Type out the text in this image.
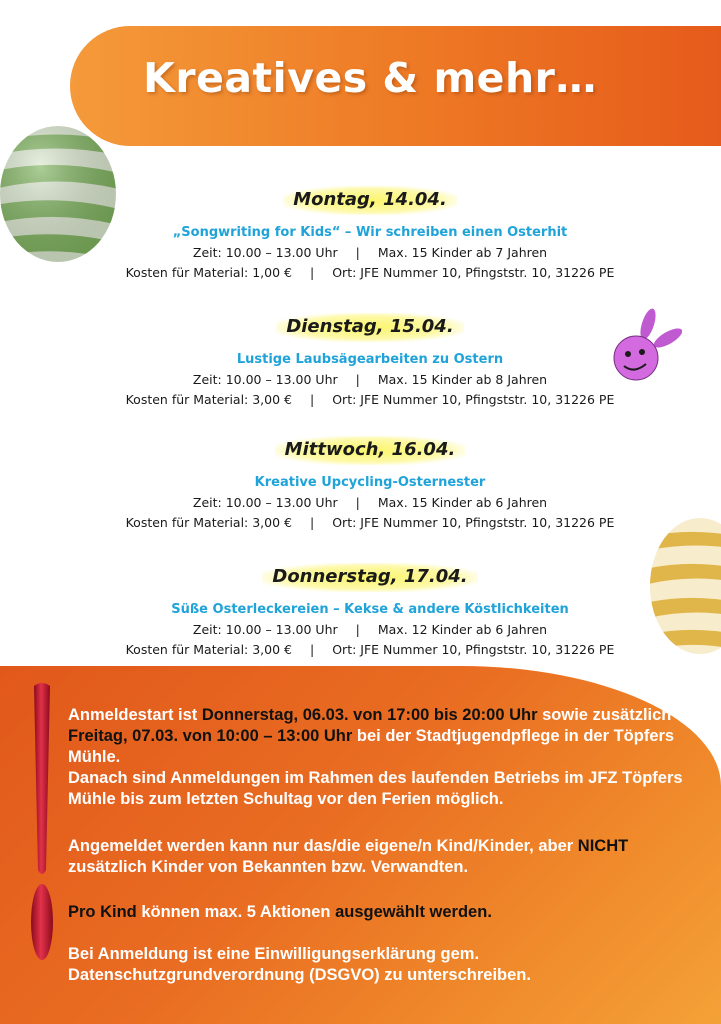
Kreatives & mehr…
Montag, 14.04.
„Songwriting for Kids“ – Wir schreiben einen Osterhit
Zeit: 10.00 – 13.00 Uhr | Max. 15 Kinder ab 7 Jahren
Kosten für Material: 1,00 € | Ort: JFE Nummer 10, Pfingststr. 10, 31226 PE
Dienstag, 15.04.
Lustige Laubsägearbeiten zu Ostern
Zeit: 10.00 – 13.00 Uhr | Max. 15 Kinder ab 8 Jahren
Kosten für Material: 3,00 € | Ort: JFE Nummer 10, Pfingststr. 10, 31226 PE
Mittwoch, 16.04.
Kreative Upcycling-Osternester
Zeit: 10.00 – 13.00 Uhr | Max. 15 Kinder ab 6 Jahren
Kosten für Material: 3,00 € | Ort: JFE Nummer 10, Pfingststr. 10, 31226 PE
Donnerstag, 17.04.
Süße Osterleckereien – Kekse & andere Köstlichkeiten
Zeit: 10.00 – 13.00 Uhr | Max. 12 Kinder ab 6 Jahren
Kosten für Material: 3,00 € | Ort: JFE Nummer 10, Pfingststr. 10, 31226 PE
Anmeldestart ist Donnerstag, 06.03. von 17:00 bis 20:00 Uhr sowie zusätzlich Freitag, 07.03. von 10:00 – 13:00 Uhr bei der Stadtjugendpflege in der Töpfers Mühle.
Danach sind Anmeldungen im Rahmen des laufenden Betriebs im JFZ Töpfers Mühle bis zum letzten Schultag vor den Ferien möglich.
Angemeldet werden kann nur das/die eigene/n Kind/Kinder, aber NICHT zusätzlich Kinder von Bekannten bzw. Verwandten.
Pro Kind können max. 5 Aktionen ausgewählt werden.
Bei Anmeldung ist eine Einwilligungserklärung gem. Datenschutzgrundverordnung (DSGVO) zu unterschreiben.
